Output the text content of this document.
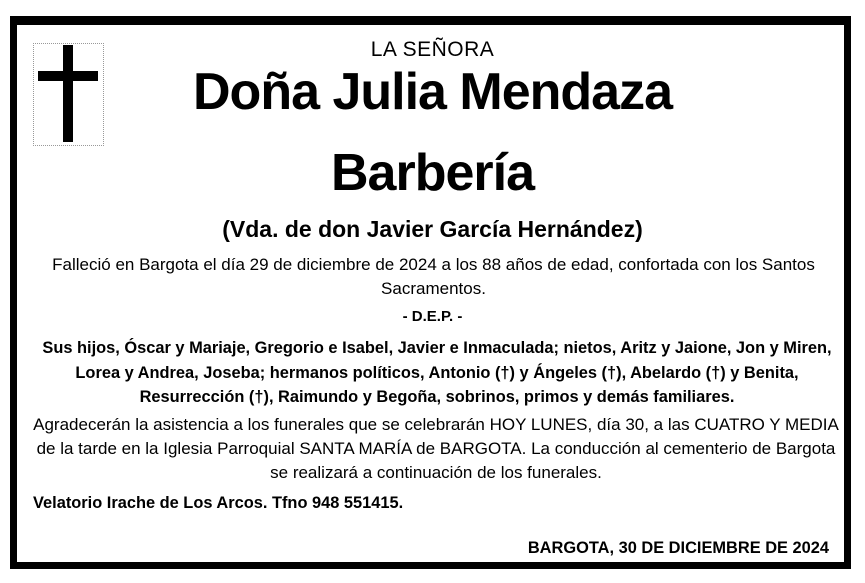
LA SEÑORA
Doña Julia Mendaza
Barbería
(Vda. de don Javier García Hernández)
Falleció en Bargota el día 29 de diciembre de 2024 a los 88 años de edad, confortada con los Santos Sacramentos.
- D.E.P. -
Sus hijos, Óscar y Mariaje, Gregorio e Isabel, Javier e Inmaculada; nietos, Aritz y Jaione, Jon y Miren, Lorea y Andrea, Joseba; hermanos políticos, Antonio (†) y Ángeles (†), Abelardo (†) y Benita, Resurrección (†), Raimundo y Begoña, sobrinos, primos y demás familiares.
Agradecerán la asistencia a los funerales que se celebrarán HOY LUNES, día 30, a las CUATRO Y MEDIA de la tarde en la Iglesia Parroquial SANTA MARÍA de BARGOTA. La conducción al cementerio de Bargota se realizará a continuación de los funerales.
Velatorio Irache de Los Arcos. Tfno 948 551415.
BARGOTA, 30 DE DICIEMBRE DE 2024
